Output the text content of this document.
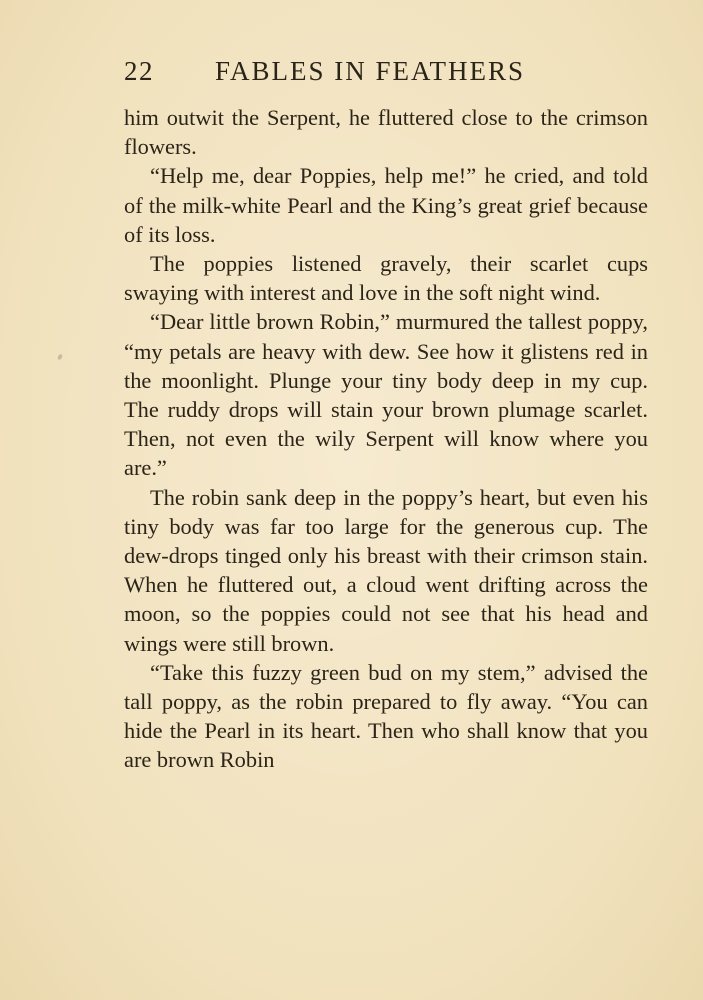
22 FABLES IN FEATHERS

him outwit the Serpent, he fluttered close to the crimson flowers.

“Help me, dear Poppies, help me!” he cried, and told of the milk-white Pearl and the King’s great grief because of its loss.

The poppies listened gravely, their scarlet cups swaying with interest and love in the soft night wind.

“Dear little brown Robin,” murmured the tallest poppy, “my petals are heavy with dew. See how it glistens red in the moonlight. Plunge your tiny body deep in my cup. The ruddy drops will stain your brown plumage scarlet. Then, not even the wily Serpent will know where you are.”

The robin sank deep in the poppy’s heart, but even his tiny body was far too large for the generous cup. The dew-drops tinged only his breast with their crimson stain. When he fluttered out, a cloud went drifting across the moon, so the poppies could not see that his head and wings were still brown.

“Take this fuzzy green bud on my stem,” advised the tall poppy, as the robin prepared to fly away. “You can hide the Pearl in its heart. Then who shall know that you are brown Robin
